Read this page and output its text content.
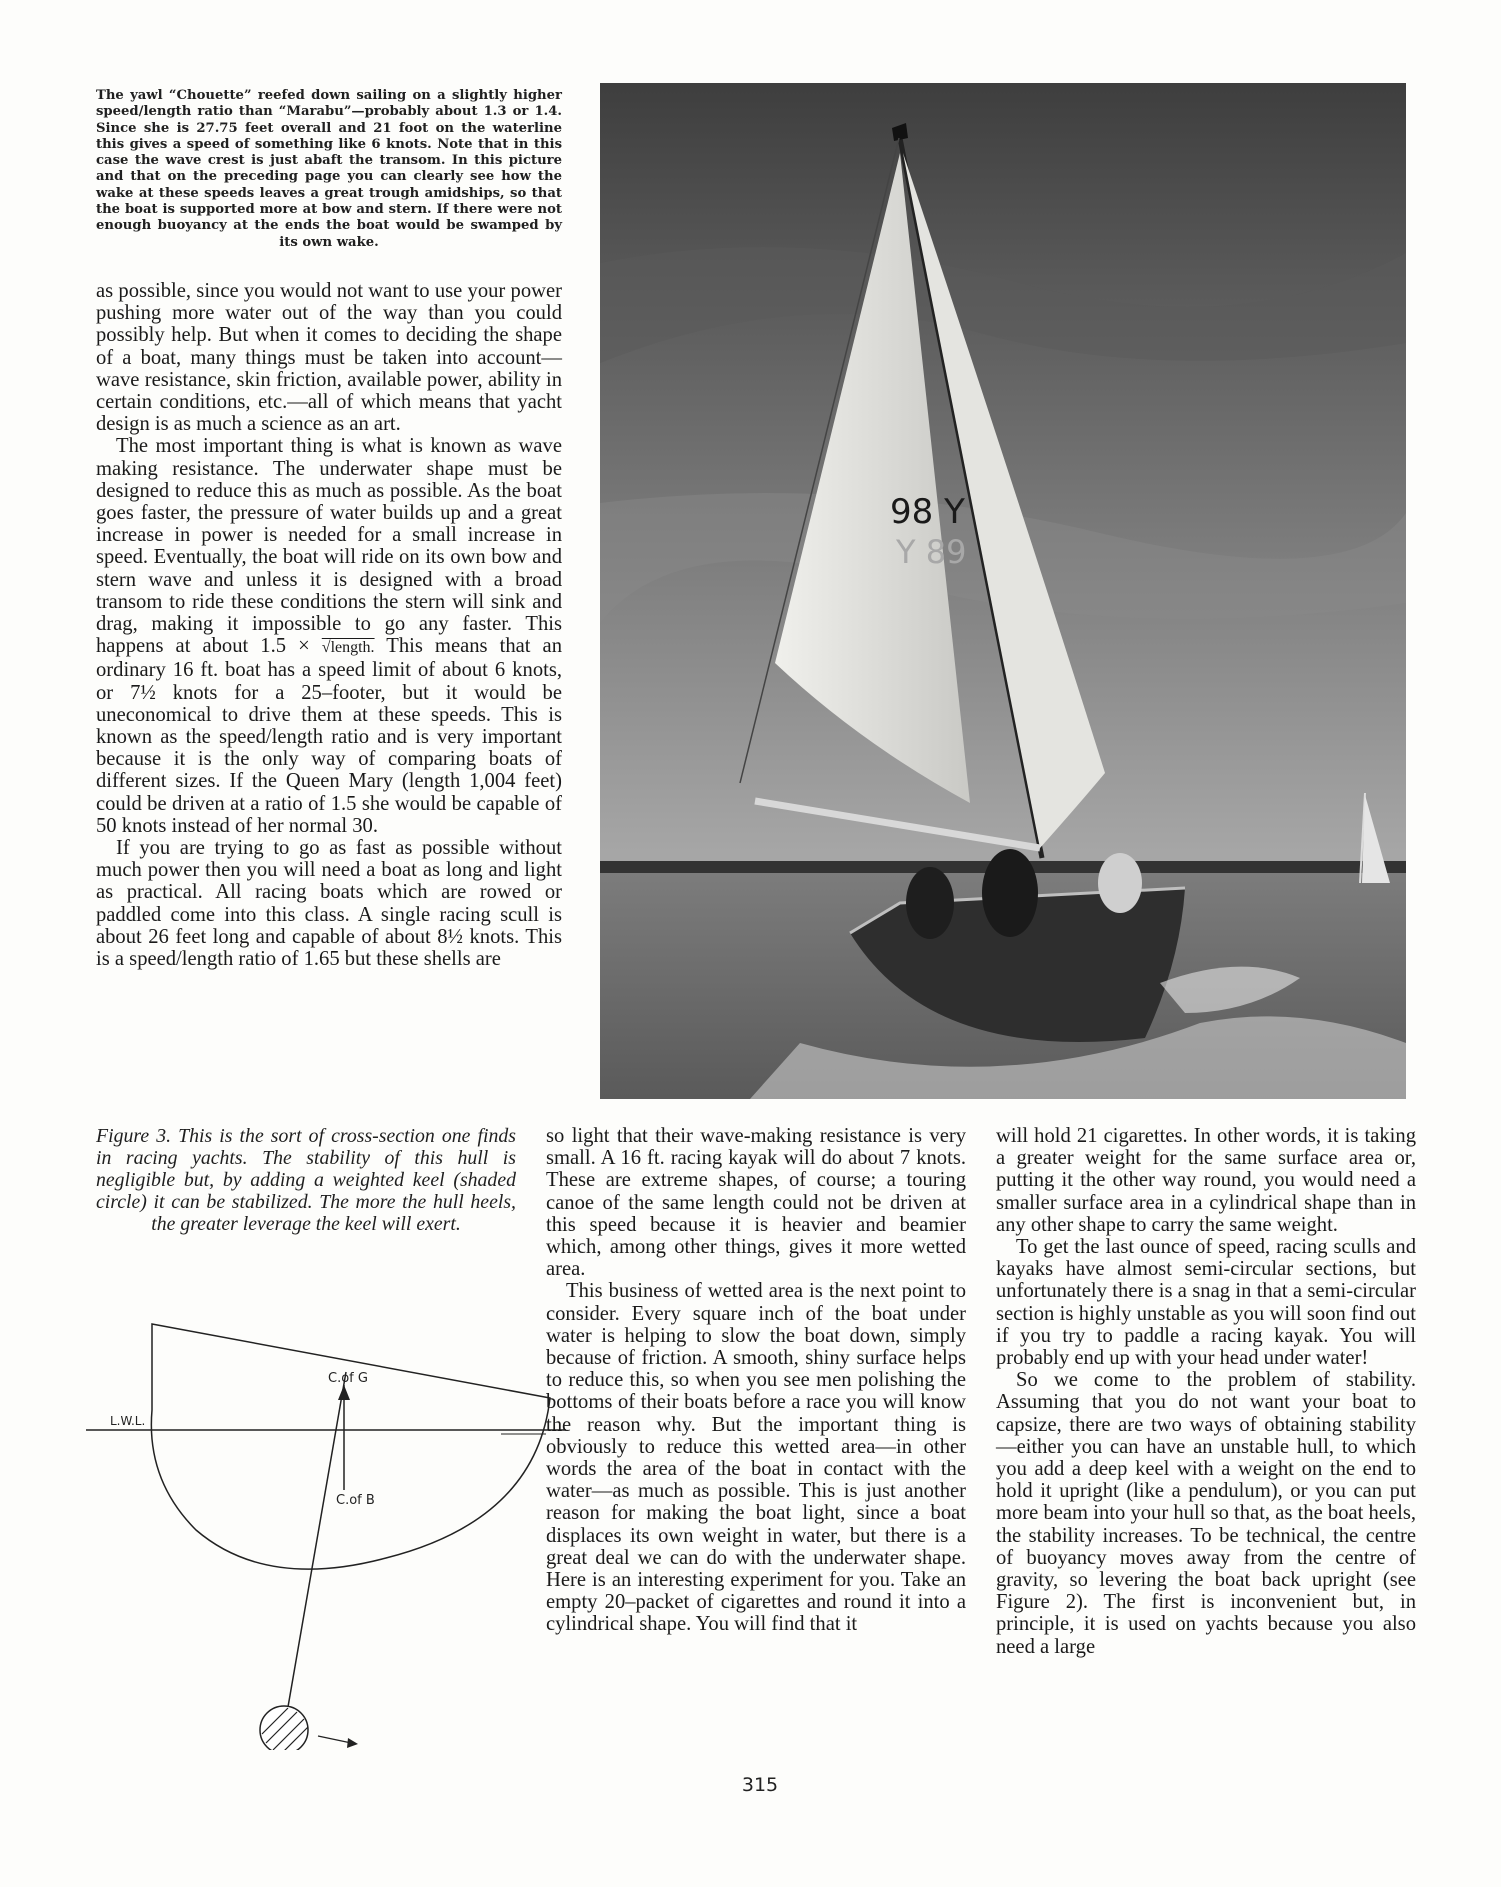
The yawl “Chouette” reefed down sailing on a slightly higher speed/length ratio than “Marabu”—probably about 1.3 or 1.4. Since she is 27.75 feet overall and 21 foot on the waterline this gives a speed of something like 6 knots. Note that in this case the wave crest is just abaft the transom. In this picture and that on the preceding page you can clearly see how the wake at these speeds leaves a great trough amidships, so that the boat is supported more at bow and stern. If there were not enough buoyancy at the ends the boat would be swamped by its own wake.

as possible, since you would not want to use your power pushing more water out of the way than you could possibly help. But when it comes to deciding the shape of a boat, many things must be taken into account—wave resistance, skin friction, available power, ability in certain conditions, etc.—all of which means that yacht design is as much a science as an art.

The most important thing is what is known as wave making resistance. The underwater shape must be designed to reduce this as much as possible. As the boat goes faster, the pressure of water builds up and a great increase in power is needed for a small increase in speed. Eventually, the boat will ride on its own bow and stern wave and unless it is designed with a broad transom to ride these conditions the stern will sink and drag, making it impossible to go any faster. This happens at about 1.5 × √length. This means that an ordinary 16 ft. boat has a speed limit of about 6 knots, or 7½ knots for a 25–footer, but it would be uneconomical to drive them at these speeds. This is known as the speed/length ratio and is very important because it is the only way of comparing boats of different sizes. If the Queen Mary (length 1,004 feet) could be driven at a ratio of 1.5 she would be capable of 50 knots instead of her normal 30.

If you are trying to go as fast as possible without much power then you will need a boat as long and light as practical. All racing boats which are rowed or paddled come into this class. A single racing scull is about 26 feet long and capable of about 8½ knots. This is a speed/length ratio of 1.65 but these shells are

98 Y
Y 89

Figure 3. This is the sort of cross-section one finds in racing yachts. The stability of this hull is negligible but, by adding a weighted keel (shaded circle) it can be stabilized. The more the hull heels, the greater leverage the keel will exert.

L.W.L.
C.of G
C.of B

so light that their wave-making resistance is very small. A 16 ft. racing kayak will do about 7 knots. These are extreme shapes, of course; a touring canoe of the same length could not be driven at this speed because it is heavier and beamier which, among other things, gives it more wetted area.

This business of wetted area is the next point to consider. Every square inch of the boat under water is helping to slow the boat down, simply because of friction. A smooth, shiny surface helps to reduce this, so when you see men polishing the bottoms of their boats before a race you will know the reason why. But the important thing is obviously to reduce this wetted area—in other words the area of the boat in contact with the water—as much as possible. This is just another reason for making the boat light, since a boat displaces its own weight in water, but there is a great deal we can do with the underwater shape. Here is an interesting experiment for you. Take an empty 20–packet of cigarettes and round it into a cylindrical shape. You will find that it

will hold 21 cigarettes. In other words, it is taking a greater weight for the same surface area or, putting it the other way round, you would need a smaller surface area in a cylindrical shape than in any other shape to carry the same weight.

To get the last ounce of speed, racing sculls and kayaks have almost semi-circular sections, but unfortunately there is a snag in that a semi-circular section is highly unstable as you will soon find out if you try to paddle a racing kayak. You will probably end up with your head under water!

So we come to the problem of stability. Assuming that you do not want your boat to capsize, there are two ways of obtaining stability—either you can have an unstable hull, to which you add a deep keel with a weight on the end to hold it upright (like a pendulum), or you can put more beam into your hull so that, as the boat heels, the stability increases. To be technical, the centre of buoyancy moves away from the centre of gravity, so levering the boat back upright (see Figure 2). The first is inconvenient but, in principle, it is used on yachts because you also need a large

315
